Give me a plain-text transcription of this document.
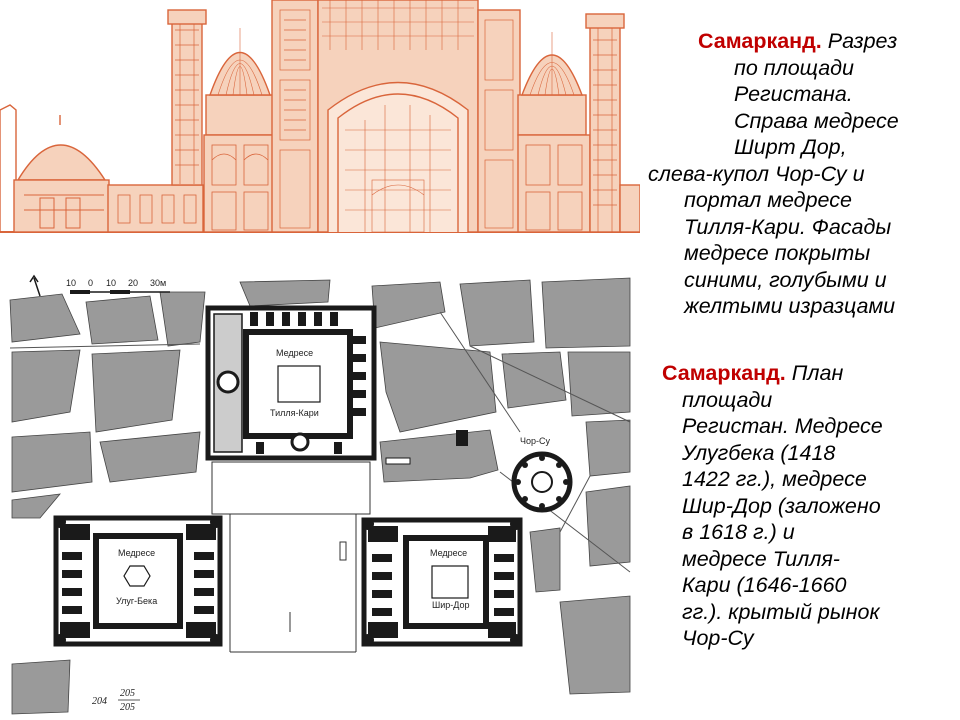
Медресе
Тилля-Кари
Медресе
Улуг-Бека
Медресе
Шир-Дор
Чор-Су
10 0 10 20 30м
204
205
205
Самарканд. Разрез
по площади
Регистана.
Справа медресе
Ширт Дор,
слева-купол Чор-Су и
портал медресе
Тилля-Кари. Фасады
медресе покрыты
синими, голубыми и
желтыми изразцами
Самарканд. План
площади
Регистан. Медресе
Улугбека (1418
1422 гг.), медресе
Шир-Дор (заложено
в 1618 г.) и
медресе Тилля-
Кари (1646-1660
гг.). крытый рынок
Чор-Су
